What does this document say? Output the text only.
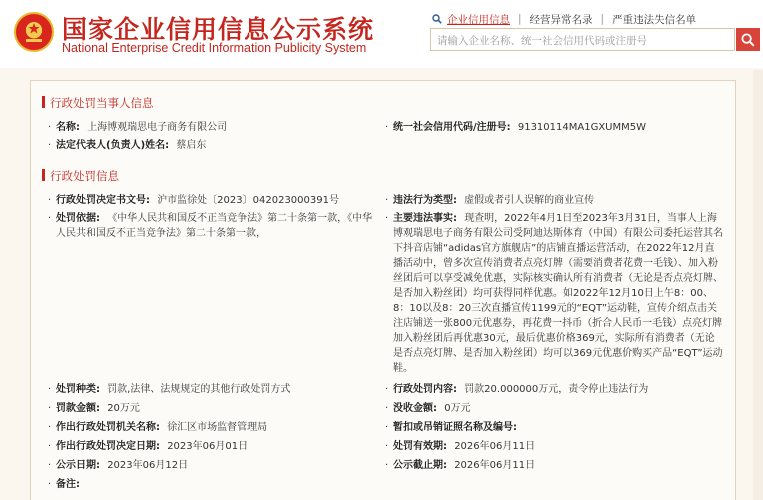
国家企业信用信息公示系统
National Enterprise Credit Information Publicity System
企业信用信息 | 经营异常名录 | 严重违法失信名单
请输入企业名称、统一社会信用代码或注册号
行政处罚当事人信息
· 名称: 上海博观瑞思电子商务有限公司	· 统一社会信用代码/注册号: 91310114MA1GXUMM5W
· 法定代表人(负责人)姓名: 蔡启东
行政处罚信息
· 行政处罚决定书文号: 沪市监徐处〔2023〕042023000391号	· 违法行为类型: 虚假或者引人误解的商业宣传
· 处罚依据: 《中华人民共和国反不正当竞争法》第二十条第一款，《中华人民共和国反不正当竞争法》第二十条第一款，
· 主要违法事实: 现查明，2022年4月1日至2023年3月31日，当事人上海博观瑞思电子商务有限公司受阿迪达斯体育（中国）有限公司委托运营其名下抖音店铺“adidas官方旗舰店”的店铺直播运营活动，在2022年12月直播活动中，曾多次宣传消费者点亮灯牌（需要消费者花费一毛钱）、加入粉丝团后可以享受减免优惠，实际核实确认所有消费者（无论是否点亮灯牌、是否加入粉丝团）均可获得同样优惠。如2022年12月10日上午8：00、8：10以及8：20三次直播宣传1199元的“EQT”运动鞋，宣传介绍点击关注店铺送一张800元优惠券，再花费一抖币（折合人民币一毛钱）点亮灯牌加入粉丝团后再优惠30元，最后优惠价格369元，实际所有消费者（无论是否点亮灯牌、是否加入粉丝团）均可以369元优惠价购买产品“EQT”运动鞋。
· 处罚种类: 罚款,法律、法规规定的其他行政处罚方式	· 行政处罚内容: 罚款20.000000万元，责令停止违法行为
· 罚款金额: 20万元	· 没收金额: 0万元
· 作出行政处罚机关名称: 徐汇区市场监督管理局	· 暂扣或吊销证照名称及编号:
· 作出行政处罚决定日期: 2023年06月01日	· 处罚有效期: 2026年06月11日
· 公示日期: 2023年06月12日	· 公示截止期: 2026年06月11日
· 备注:
